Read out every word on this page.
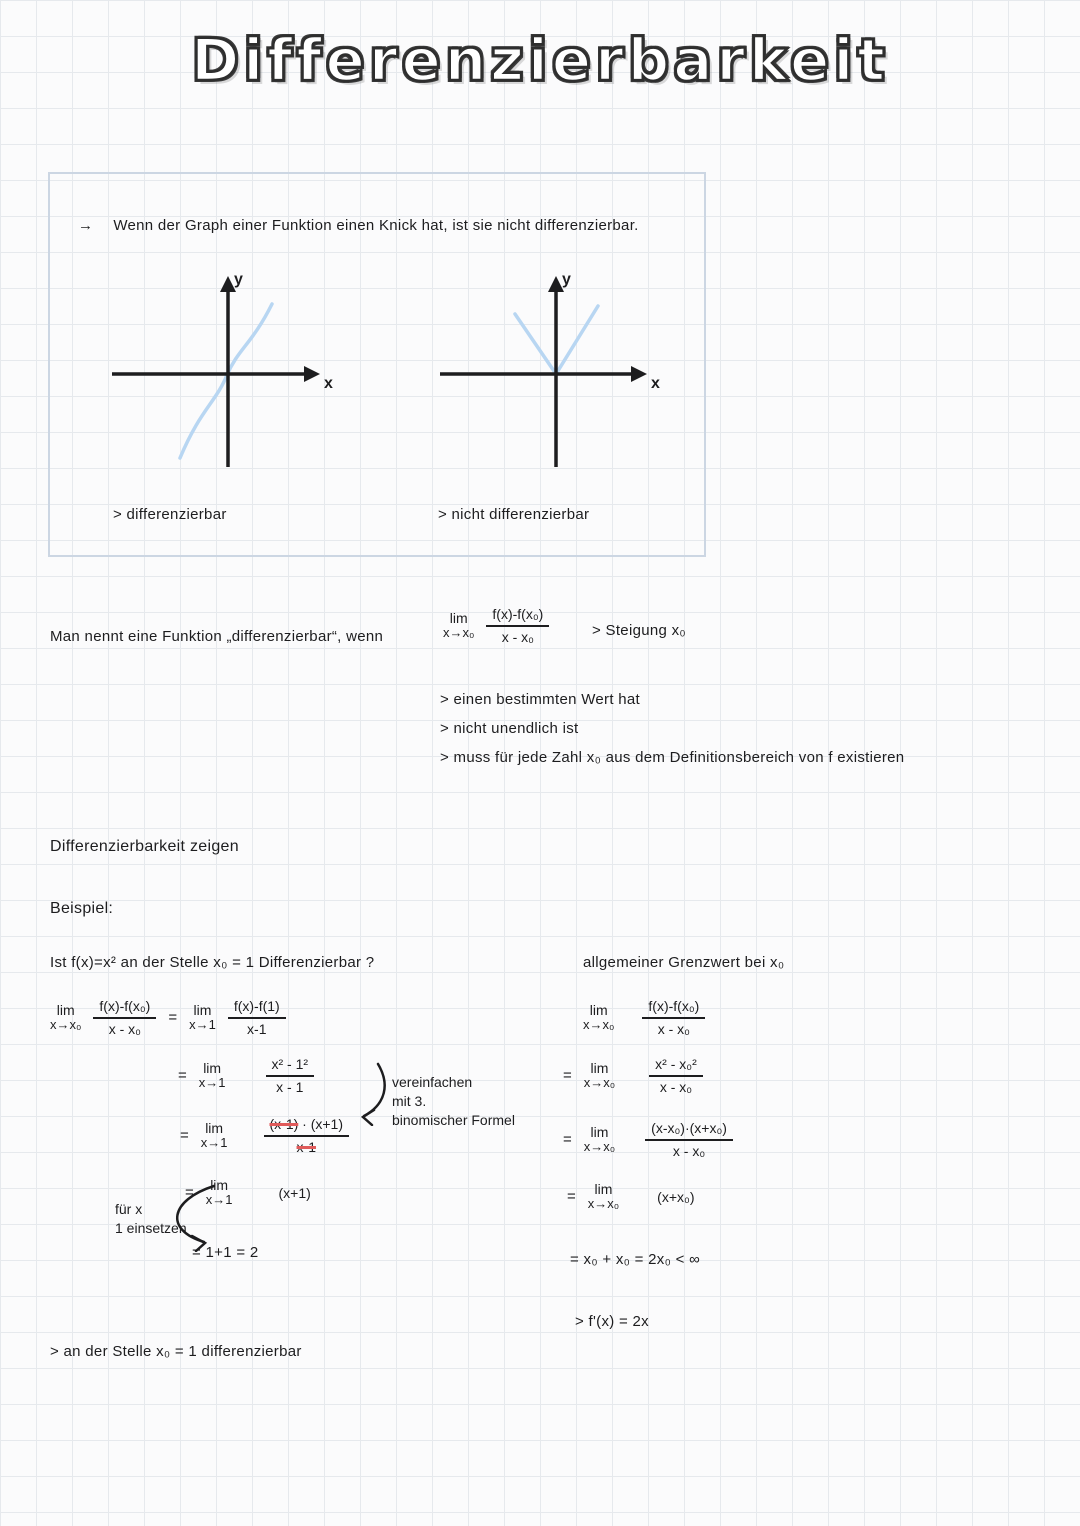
Differenzierbarkeit
→ Wenn der Graph einer Funktion einen Knick hat, ist sie nicht differenzierbar.
x
y
> differenzierbar
x
y
> nicht differenzierbar
Man nennt eine Funktion „differenzierbar“, wenn
lim
$x\to x_0 \frac{\text{f(x)-f(x₀)}}{\text{x - x₀}}$	> Steigung x₀
> einen bestimmten Wert hat
> nicht unendlich ist
> muss für jede Zahl x₀ aus dem Definitionsbereich von f existieren
Differenzierbarkeit zeigen
Beispiel:
Ist f(x)=x² an der Stelle x₀ = 1 Differenzierbar ?	allgemeiner Grenzwert bei x₀
lim
$x\to x_0 \frac{\text{f(x)-f(x₀)}}{\text{x - x₀}} = \lim$
$x\to 1 \frac{f(x)-f(1)}{x-1}$
= lim
x→1	$\frac{\text{x² - 1²}}{x - 1}$
= lim
x→1	$\frac{(x-1) \cdot (x+1)}{x-1}$
= lim
x→1	(x+1)
= 1+1 = 2
vereinfachen
mit 3.
binomischer Formel
für x
1 einsetzen
> an der Stelle x₀ = 1 differenzierbar
lim
$x\to x_0 \frac{\text{f(x)-f(x₀)}}{\text{x - x₀}}$
= lim
$x\to x_0 \frac{\text{x² - x₀²}}{\text{x - x₀}}$
= lim
$x\to x_0 \frac{\text{(x-x₀)·(x+x₀)}}{\text{x - x₀}}$
= lim
x→x₀	(x+x₀)
= x₀ + x₀ = 2x₀ < ∞
> f'(x) = 2x
